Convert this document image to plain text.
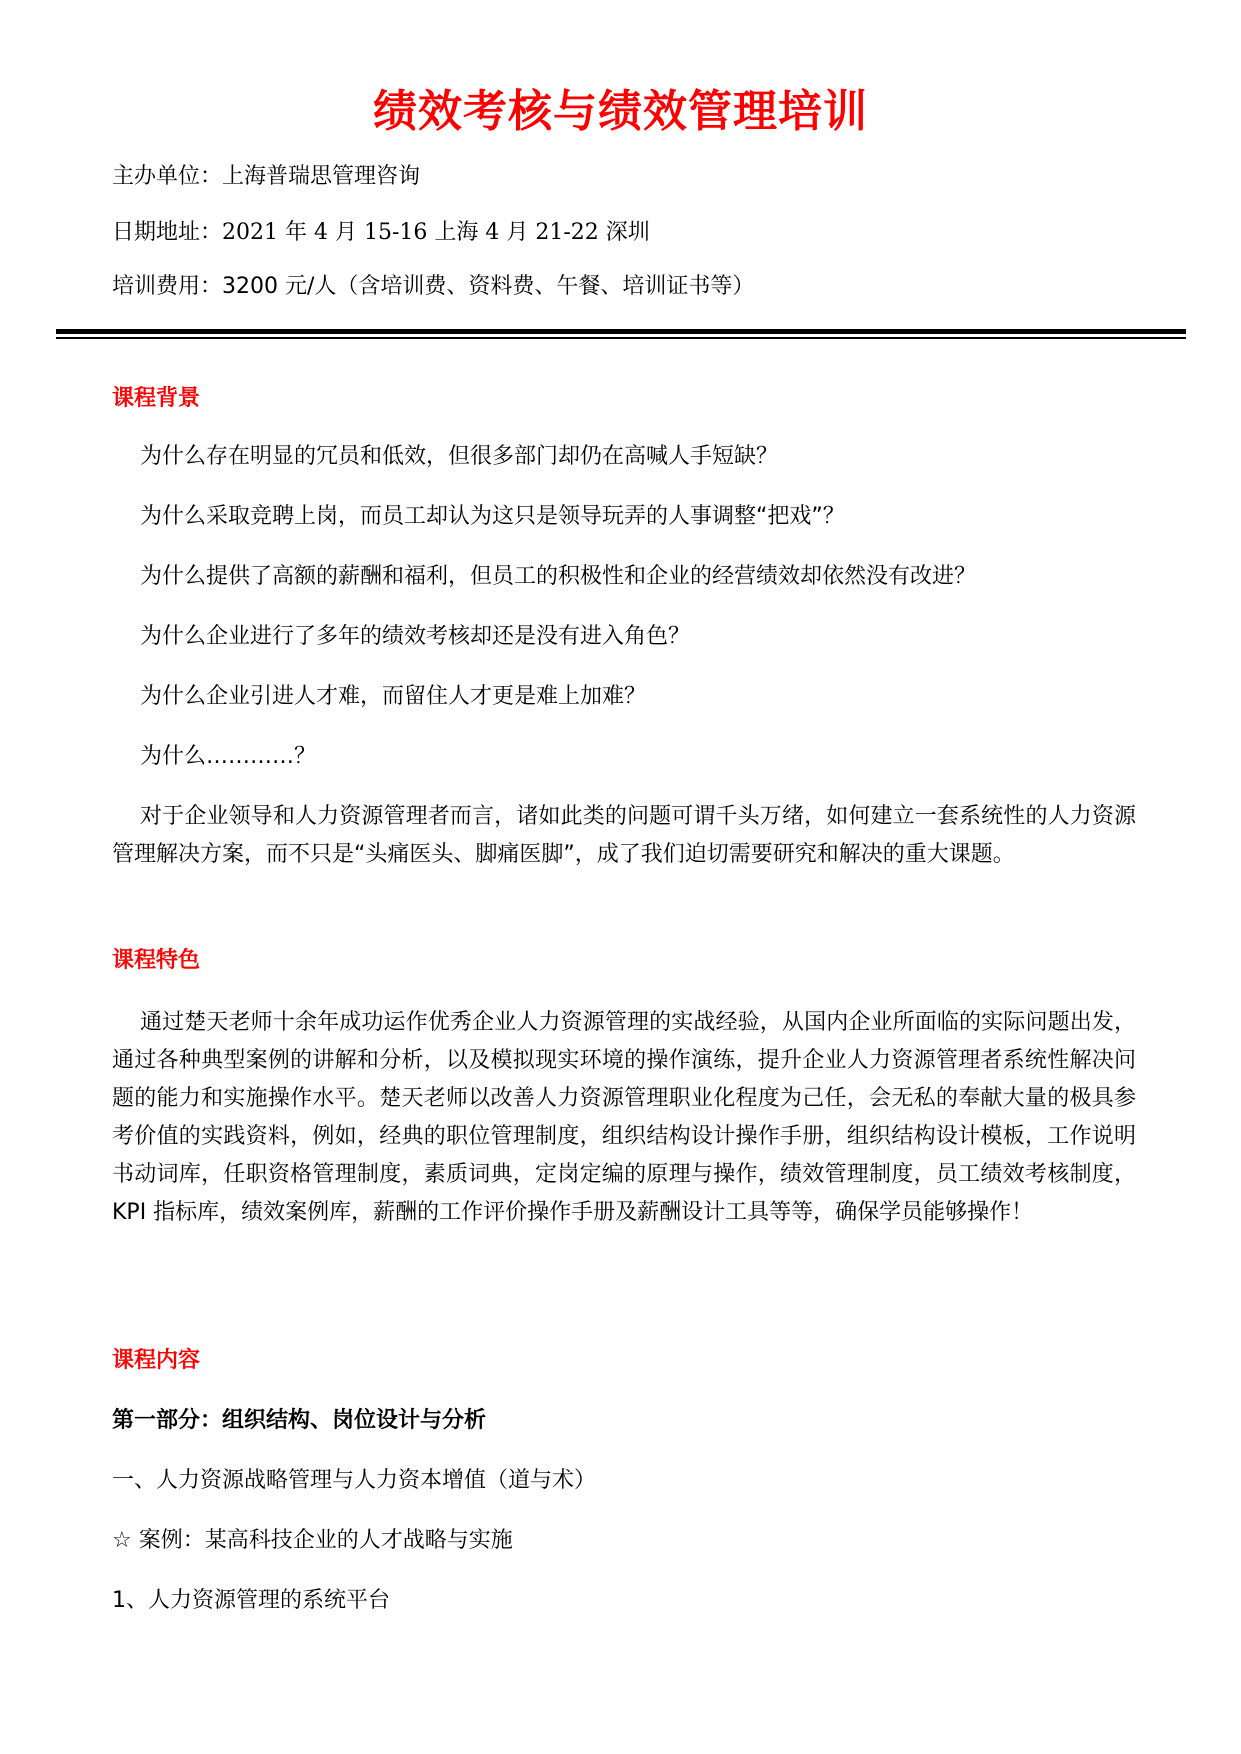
绩效考核与绩效管理培训
主办单位：上海普瑞思管理咨询
日期地址：2021 年 4 月 15-16 上海 4 月 21-22 深圳
培训费用：3200 元/人（含培训费、资料费、午餐、培训证书等）
课程背景
为什么存在明显的冗员和低效，但很多部门却仍在高喊人手短缺？
为什么采取竞聘上岗，而员工却认为这只是领导玩弄的人事调整“把戏”？
为什么提供了高额的薪酬和福利，但员工的积极性和企业的经营绩效却依然没有改进？
为什么企业进行了多年的绩效考核却还是没有进入角色？
为什么企业引进人才难，而留住人才更是难上加难？
为什么…………？
对于企业领导和人力资源管理者而言，诸如此类的问题可谓千头万绪，如何建立一套系统性的人力资源管理解决方案，而不只是“头痛医头、脚痛医脚”，成了我们迫切需要研究和解决的重大课题。
课程特色
通过楚天老师十余年成功运作优秀企业人力资源管理的实战经验，从国内企业所面临的实际问题出发，通过各种典型案例的讲解和分析，以及模拟现实环境的操作演练，提升企业人力资源管理者系统性解决问题的能力和实施操作水平。楚天老师以改善人力资源管理职业化程度为己任，会无私的奉献大量的极具参考价值的实践资料，例如，经典的职位管理制度，组织结构设计操作手册，组织结构设计模板，工作说明书动词库，任职资格管理制度，素质词典，定岗定编的原理与操作，绩效管理制度，员工绩效考核制度，KPI 指标库，绩效案例库，薪酬的工作评价操作手册及薪酬设计工具等等，确保学员能够操作！
课程内容
第一部分：组织结构、岗位设计与分析
一、人力资源战略管理与人力资本增值（道与术）
☆ 案例：某高科技企业的人才战略与实施
1、人力资源管理的系统平台
